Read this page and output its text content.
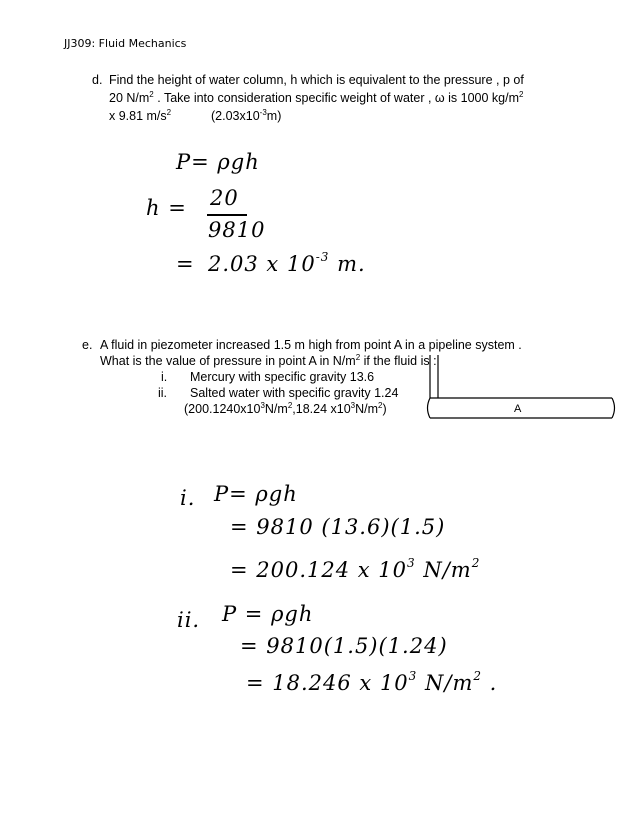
JJ309: Fluid Mechanics
d. Find the height of water column, h which is equivalent to the pressure , p of
20 $N/m^2$ . Take into consideration specific weight of water , ω is 1000 $kg/m^2$
x 9.81 $m/s^2$	$(2.03x10^{-3}m)$
P= ρgh
h = 20
9810
= 2.03 x $10^{-3}$ m.
e. A fluid in piezometer increased 1.5 m high from point A in a pipeline system .
What is the value of pressure in point A in $N/m^2$ if the fluid is :
i. Mercury with specific gravity 13.6
ii. Salted water with specific gravity 1.24
($200.1240x10^3N/m^2,18.24$ $x10^3N/m^2$)	A
i. P= ρgh
= 9810 (13.6)(1.5)
= 200.124 x $10^3$ $N/m^2$
ii. P = ρgh
= 9810(1.5)(1.24)
= 18.246 x $10^3$ $N/m^2$ .
